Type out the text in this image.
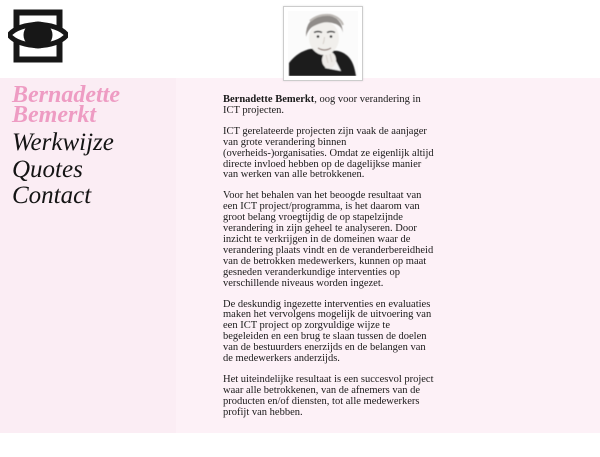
Bernadette Bemerkt
Werkwijze
Quotes
Contact

Bernadette Bemerkt, oog voor verandering in ICT projecten.

ICT gerelateerde projecten zijn vaak de aanjager van grote verandering binnen (overheids-)organisaties. Omdat ze eigenlijk altijd directe invloed hebben op de dagelijkse manier van werken van alle betrokkenen.

Voor het behalen van het beoogde resultaat van een ICT project/programma, is het daarom van groot belang vroegtijdig de op stapelzijnde verandering in zijn geheel te analyseren. Door inzicht te verkrijgen in de domeinen waar de verandering plaats vindt en de veranderbereidheid van de betrokken medewerkers, kunnen op maat gesneden veranderkundige interventies op verschillende niveaus worden ingezet.

De deskundig ingezette interventies en evaluaties maken het vervolgens mogelijk de uitvoering van een ICT project op zorgvuldige wijze te begeleiden en een brug te slaan tussen de doelen van de bestuurders enerzijds en de belangen van de medewerkers anderzijds.

Het uiteindelijke resultaat is een succesvol project waar alle betrokkenen, van de afnemers van de producten en/of diensten, tot alle medewerkers profijt van hebben.
